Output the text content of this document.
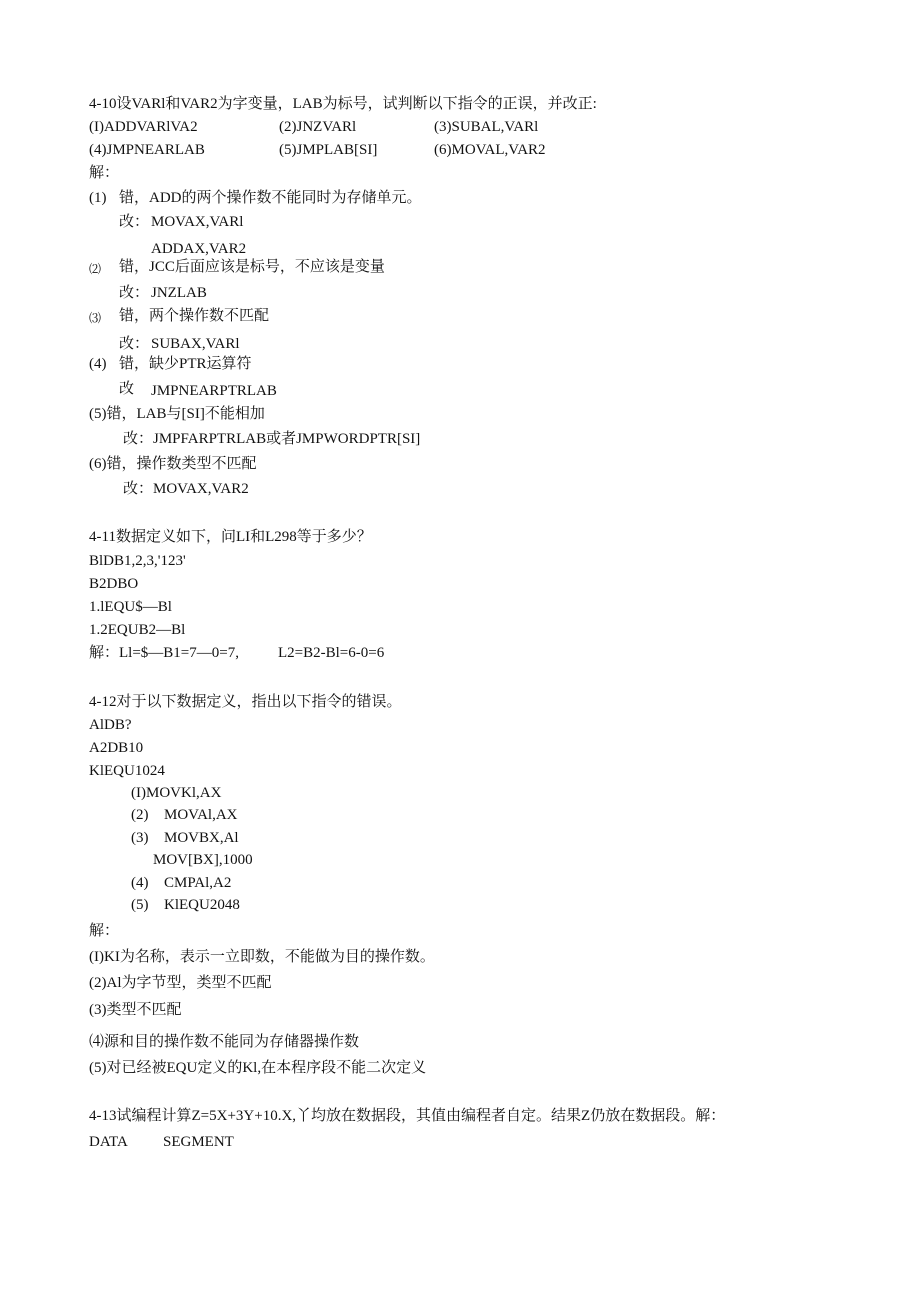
4-10设VARl和VAR2为字变量，LAB为标号，试判断以下指令的正误，并改正:
(I)ADDVARlVA2	(2)JNZVARl	(3)SUBAL,VARl
(4)JMPNEARLAB	(5)JMPLAB[SI]	(6)MOVAL,VAR2
解：
(1) 错，ADD的两个操作数不能同时为存储单元。
改： MOVAX,VARl
ADDAX,VAR2
⑵ 错，JCC后面应该是标号，不应该是变量
改： JNZLAB
⑶ 错，两个操作数不匹配
改： SUBAX,VARl
(4) 错，缺少PTR运算符
改 JMPNEARPTRLAB
(5)错，LAB与[SI]不能相加
改：JMPFARPTRLAB或者JMPWORDPTR[SI]
(6)错，操作数类型不匹配
改：MOVAX,VAR2
4-11数据定义如下，问LI和L298等于多少？
BlDB1,2,3,'123'
B2DBO
1.lEQU$—Bl
1.2EQUB2—Bl
解：Ll=$—B1=7—0=7,	L2=B2-Bl=6-0=6
4-12对于以下数据定义，指出以下指令的错误。
AlDB?
A2DB10
KlEQU1024
(I)MOVKl,AX
(2) MOVAl,AX
(3) MOVBX,Al
MOV[BX],1000
(4) CMPAl,A2
(5) KlEQU2048
解：
(I)KI为名称，表示一立即数，不能做为目的操作数。
(2)Al为字节型，类型不匹配
(3)类型不匹配
⑷源和目的操作数不能同为存储器操作数
(5)对已经被EQU定义的Kl,在本程序段不能二次定义
4-13试编程计算Z=5X+3Y+10.X,丫均放在数据段，其值由编程者自定。结果Z仍放在数据段。解：
DATA SEGMENT
